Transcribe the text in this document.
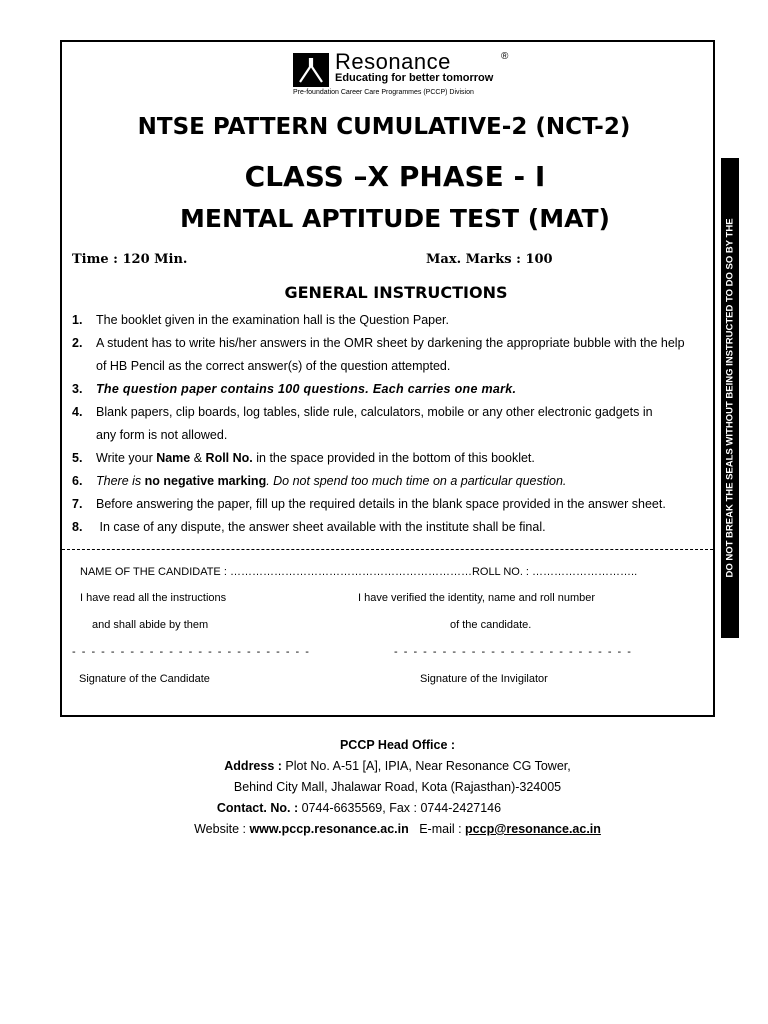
Resonance	®
Educating for better tomorrow
Pre-foundation Career Care Programmes (PCCP) Division
NTSE PATTERN CUMULATIVE-2 (NCT-2)
CLASS –X PHASE - I
MENTAL APTITUDE TEST (MAT)
Time : 120 Min.	Max. Marks : 100
GENERAL INSTRUCTIONS
1. The booklet given in the examination hall is the Question Paper.
2. A student has to write his/her answers in the OMR sheet by darkening the appropriate bubble with the help
of HB Pencil as the correct answer(s) of the question attempted.
3. The question paper contains 100 questions. Each carries one mark.
4. Blank papers, clip boards, log tables, slide rule, calculators, mobile or any other electronic gadgets in
any form is not allowed.
5. Write your Name & Roll No. in the space provided in the bottom of this booklet.
6. There is no negative marking. Do not spend too much time on a particular question.
7. Before answering the paper, fill up the required details in the blank space provided in the answer sheet.
8. In case of any dispute, the answer sheet available with the institute shall be final.
NAME OF THE CANDIDATE : …………………………………………………………ROLL NO. : ………………………..
I have read all the instructions
and shall abide by them
I have verified the identity, name and roll number
of the candidate.
- - - - - - - - - - - - - - - - - - - - - - - - -	- - - - - - - - - - - - - - - - - - - - - - - - -
Signature of the Candidate	Signature of the Invigilator
DO NOT BREAK THE SEALS WITHOUT BEING INSTRUCTED TO DO SO BY THE
PCCP Head Office :
Address : Plot No. A-51 [A], IPIA, Near Resonance CG Tower,
Behind City Mall, Jhalawar Road, Kota (Rajasthan)-324005
Contact. No. : 0744-6635569, Fax : 0744-2427146
Website : www.pccp.resonance.ac.in   E-mail : pccp@resonance.ac.in
